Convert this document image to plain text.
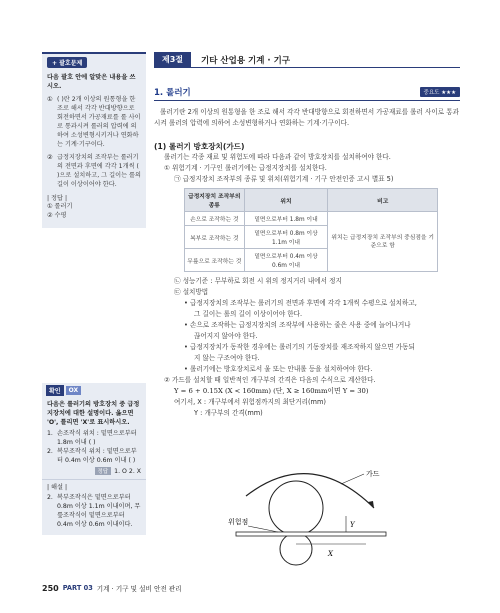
+ 괄호문제
다음 괄호 안에 알맞은 내용을 쓰시오.
① ( )란 2개 이상의 원통형을 한 조로 해서 각각 반대방향으로 회전하면서 가공재료를 롤 사이로 통과시켜 롤러의 압력에 의하여 소성변형시키거나 연화하는 기계·기구이다.
② 급정지장치의 조작부는 롤러기의 전면과 후면에 각각 1개씩 ( )으로 설치하고, 그 길이는 롤의 길이 이상이어야 한다.
| 정답 |
① 롤러기
② 수평
확인	OX
다음은 롤러기의 방호장치 중 급정지장치에 대한 설명이다. 옳으면 'O', 틀리면 'X'로 표시하시오.
1. 손조작식 위치 : 밑면으로부터 1.8m 이내 ( )
2. 복부조작식 위치 : 밑면으로부터 0.4m 이상 0.6m 이내 ( )
정답 1. O 2. X
| 해설 |
2. 복부조작식은 밑면으로부터 0.8m 이상 1.1m 이내이며, 무릎조작식이 밑면으로부터 0.4m 이상 0.6m 이내이다.
제3절	기타 산업용 기계 · 기구
1. 롤러기	중요도 ★★★
롤러기란 2개 이상의 원통형을 한 조로 해서 각각 반대방향으로 회전하면서 가공재료를 롤러 사이로 통과시켜 롤러의 압력에 의하여 소성변형하거나 연화하는 기계·기구이다.
(1) 롤러기 방호장치(가드)
롤러기는 각종 재료 및 위험도에 따라 다음과 같이 방호장치를 설치하여야 한다.
① 위험기계 · 기구인 롤러기에는 급정지장치를 설치한다.
㉠ 급정지장치 조작부의 종류 및 위치(위험기계 · 기구 안전인증 고시 별표 5)
급정지장치 조작부의 종류	위치	비고
손으로 조작하는 것	밑면으로부터 1.8m 이내	위치는 급정지장치 조작부의 중심점을 기준으로 함
복부로 조작하는 것	밑면으로부터 0.8m 이상 1.1m 이내	
무릎으로 조작하는 것	밑면으로부터 0.4m 이상 0.6m 이내	
㉡ 성능기준 : 무부하로 회전 시 위의 정지거리 내에서 정지
㉢ 설치방법
• 급정지장치의 조작부는 롤러기의 전면과 후면에 각각 1개씩 수평으로 설치하고,
그 길이는 롤의 길이 이상이어야 한다.
• 손으로 조작하는 급정지장치의 조작부에 사용하는 줄은 사용 중에 늘어나거나
끊어지지 않아야 한다.
• 급정지장치가 동작한 경우에는 롤러기의 기동장치를 재조작하지 않으면 가동되
지 않는 구조여야 한다.
• 롤러기에는 방호장치로서 울 또는 안내롤 등을 설치하여야 한다.
② 가드를 설치할 때 일반적인 개구부의 간격은 다음의 수식으로 계산한다.
Y = 6 + 0.15X (X < 160mm) (단, X ≥ 160mm이면 Y = 30)
여기서, X : 개구부에서 위험점까지의 최단거리(mm)
Y : 개구부의 간격(mm)
가드
위험점	Y
X
250 PART 03 기계 · 기구 및 설비 안전 관리
